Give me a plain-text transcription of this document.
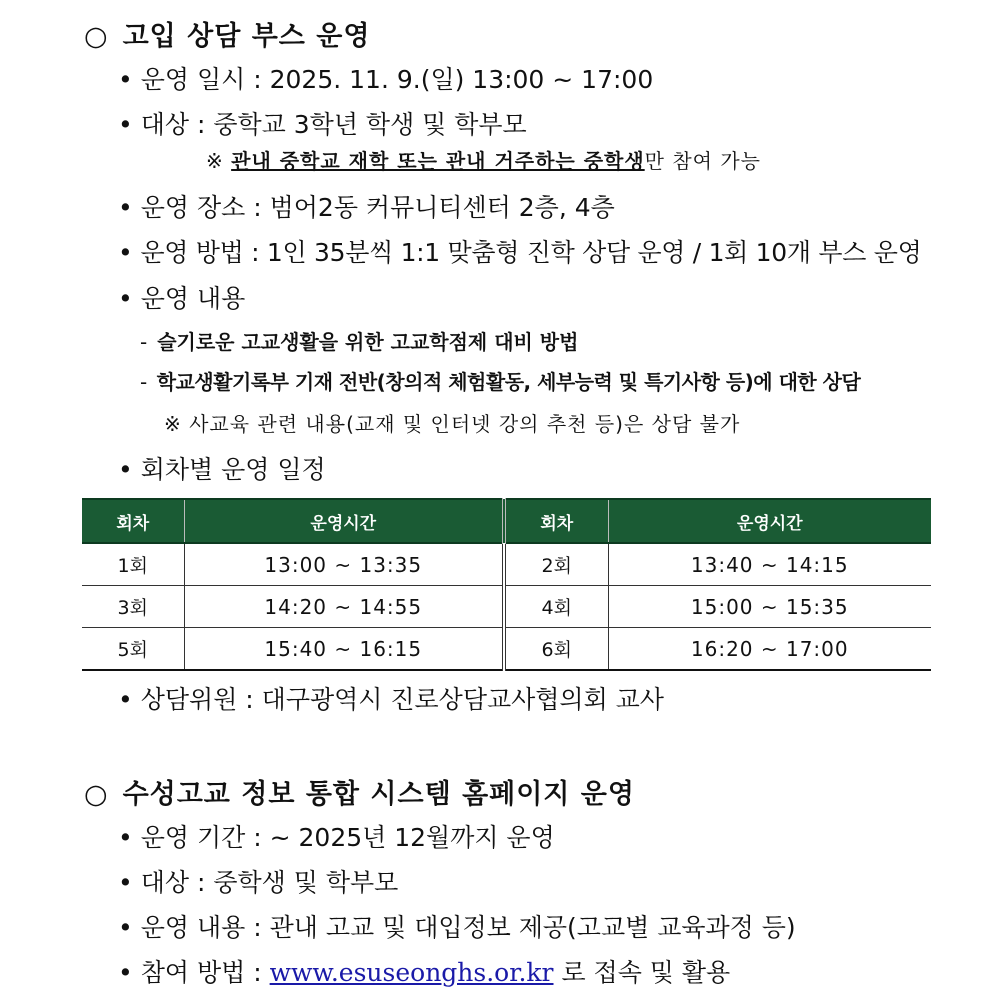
○ 고입 상담 부스 운영
• 운영 일시 : 2025. 11. 9.(일) 13:00 ~ 17:00
• 대상 : 중학교 3학년 학생 및 학부모
※ 관내 중학교 재학 또는 관내 거주하는 중학생만 참여 가능
• 운영 장소 : 범어2동 커뮤니티센터 2층, 4층
• 운영 방법 : 1인 35분씩 1:1 맞춤형 진학 상담 운영 / 1회 10개 부스 운영
• 운영 내용
- 슬기로운 고교생활을 위한 고교학점제 대비 방법
- 학교생활기록부 기재 전반(창의적 체험활동, 세부능력 및 특기사항 등)에 대한 상담
※ 사교육 관련 내용(교재 및 인터넷 강의 추천 등)은 상담 불가
• 회차별 운영 일정
회차	운영시간	회차	운영시간
1회	13:00 ~ 13:35	2회	13:40 ~ 14:15
3회	14:20 ~ 14:55	4회	15:00 ~ 15:35
5회	15:40 ~ 16:15	6회	16:20 ~ 17:00
• 상담위원 : 대구광역시 진로상담교사협의회 교사
○ 수성고교 정보 통합 시스템 홈페이지 운영
• 운영 기간 : ~ 2025년 12월까지 운영
• 대상 : 중학생 및 학부모
• 운영 내용 : 관내 고교 및 대입정보 제공(고교별 교육과정 등)
• 참여 방법 : www.esuseonghs.or.kr 로 접속 및 활용
